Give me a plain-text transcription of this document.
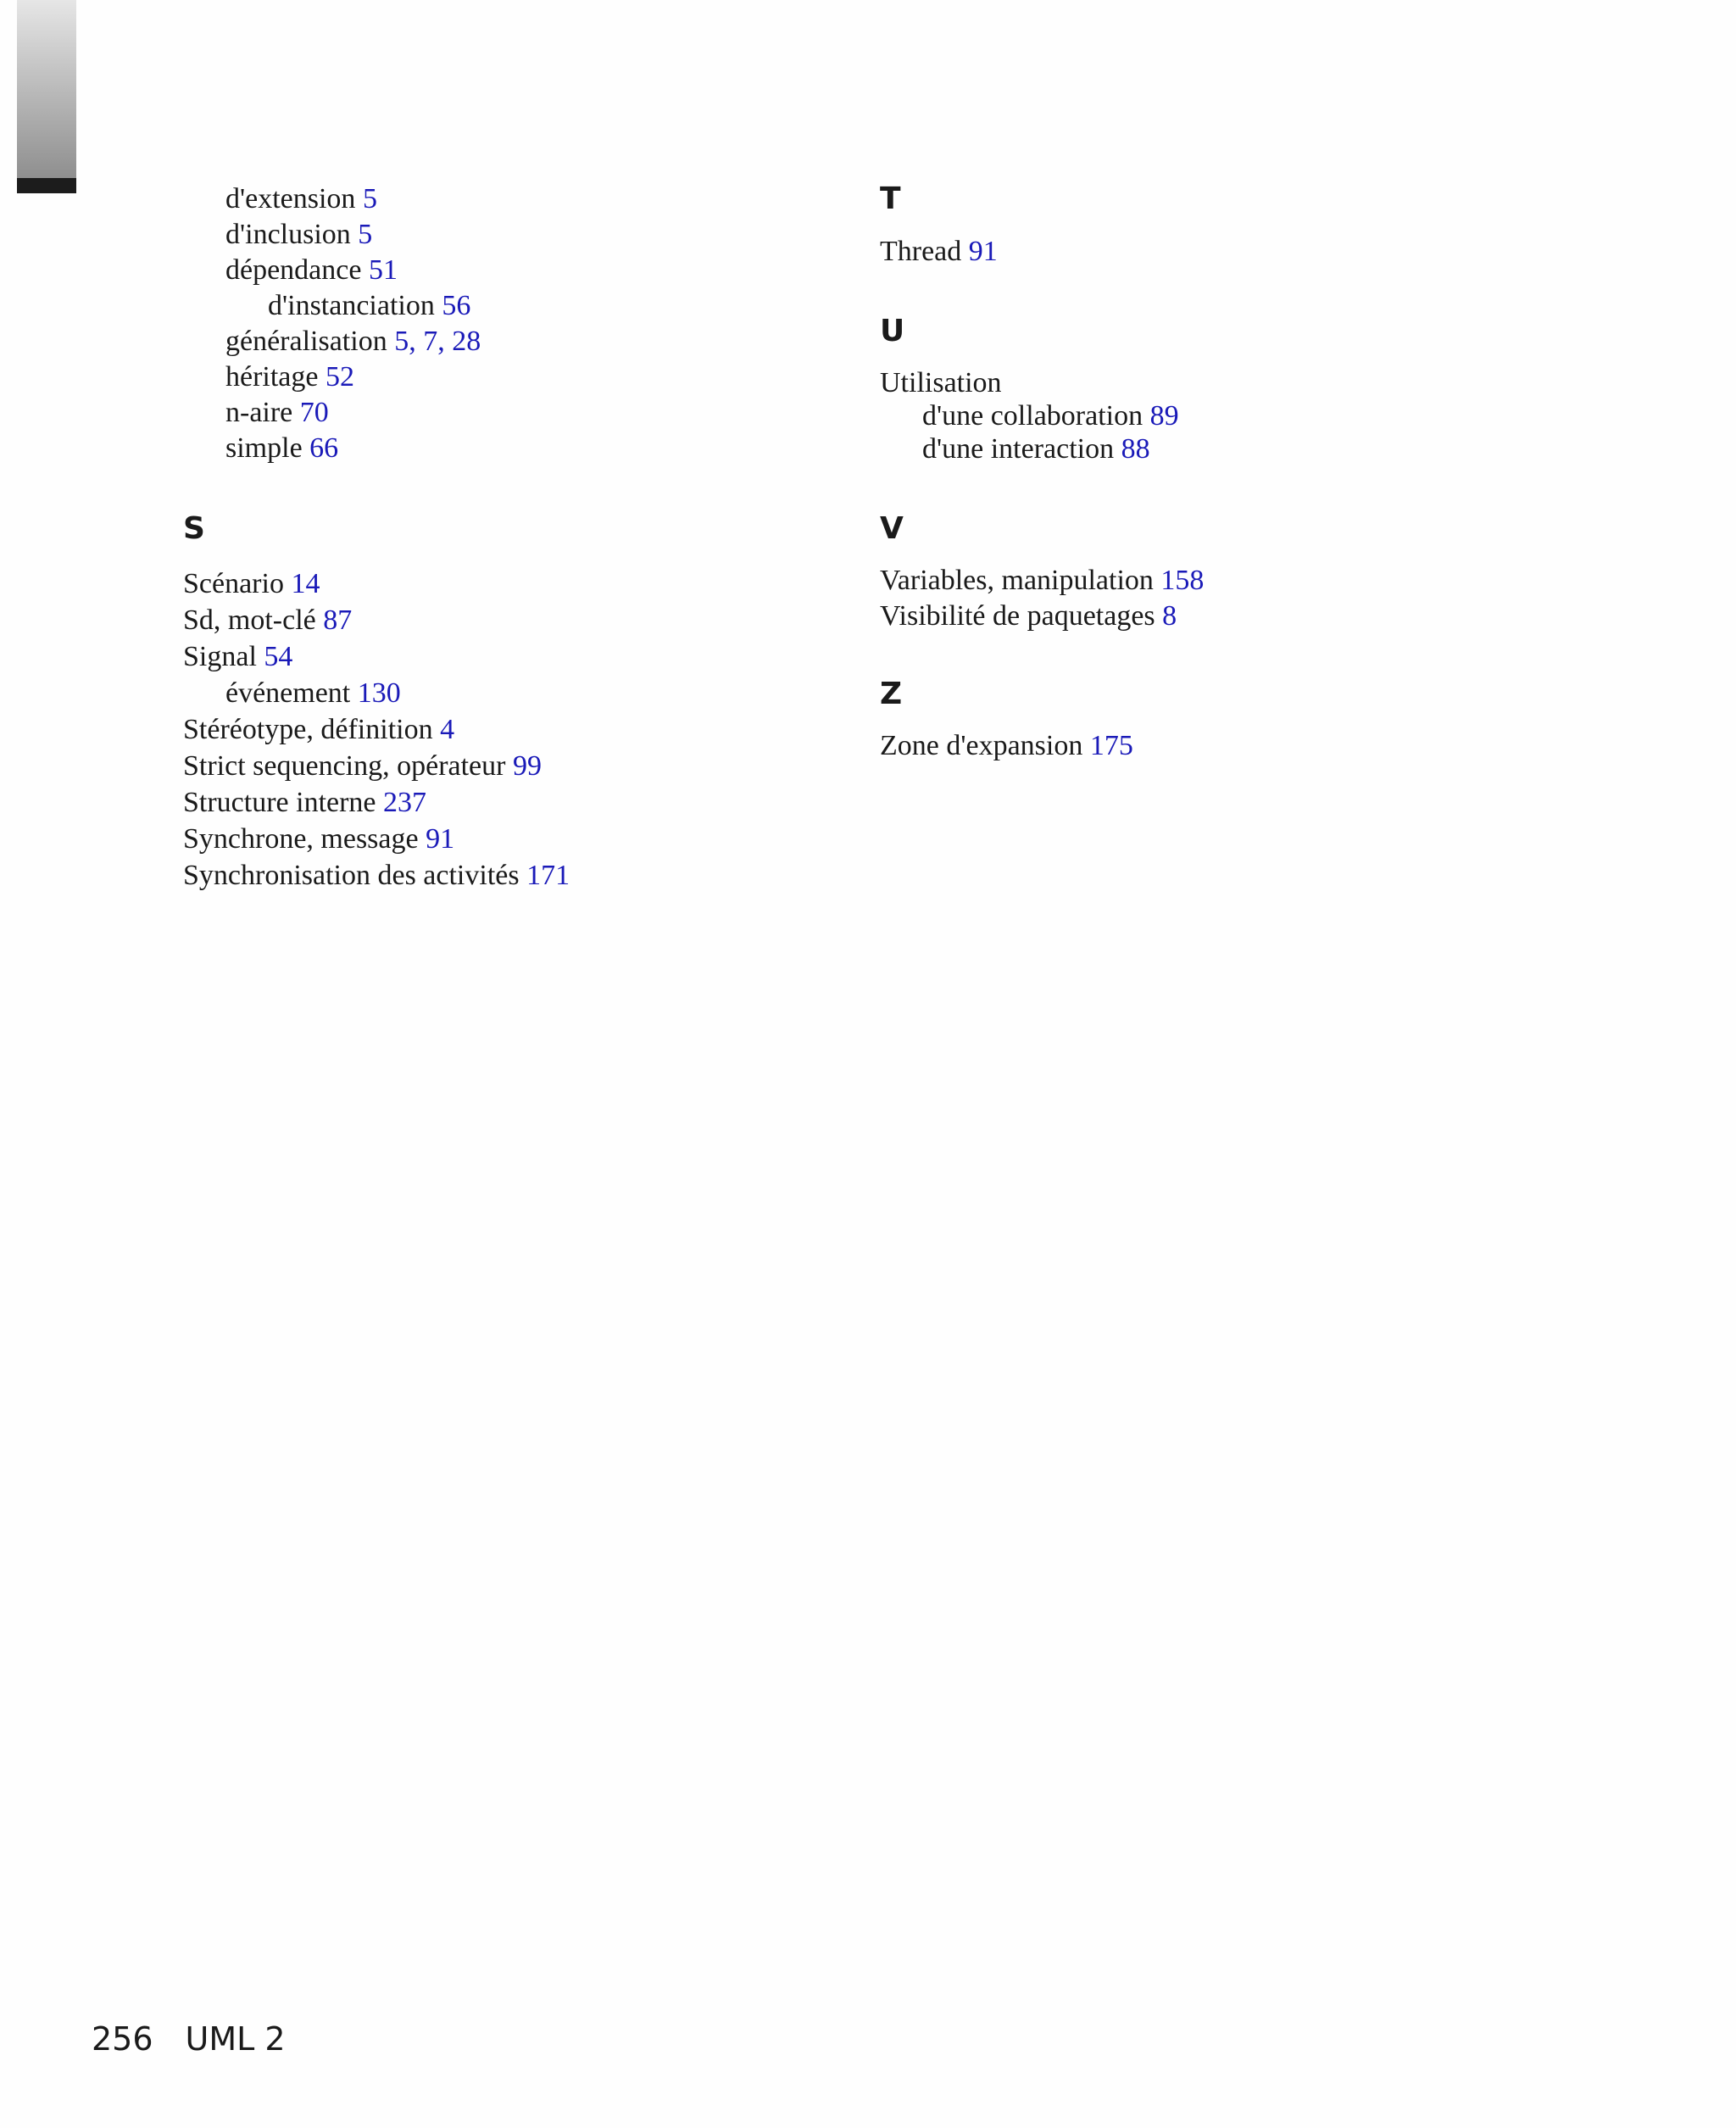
d'extension 5
d'inclusion 5
dépendance 51
d'instanciation 56
généralisation 5, 7, 28
héritage 52
n-aire 70
simple 66
S
Scénario 14
Sd, mot-clé 87
Signal 54
événement 130
Stéréotype, définition 4
Strict sequencing, opérateur 99
Structure interne 237
Synchrone, message 91
Synchronisation des activités 171
T
Thread 91
U
Utilisation
d'une collaboration 89
d'une interaction 88
V
Variables, manipulation 158
Visibilité de paquetages 8
Z
Zone d'expansion 175
256 UML 2
